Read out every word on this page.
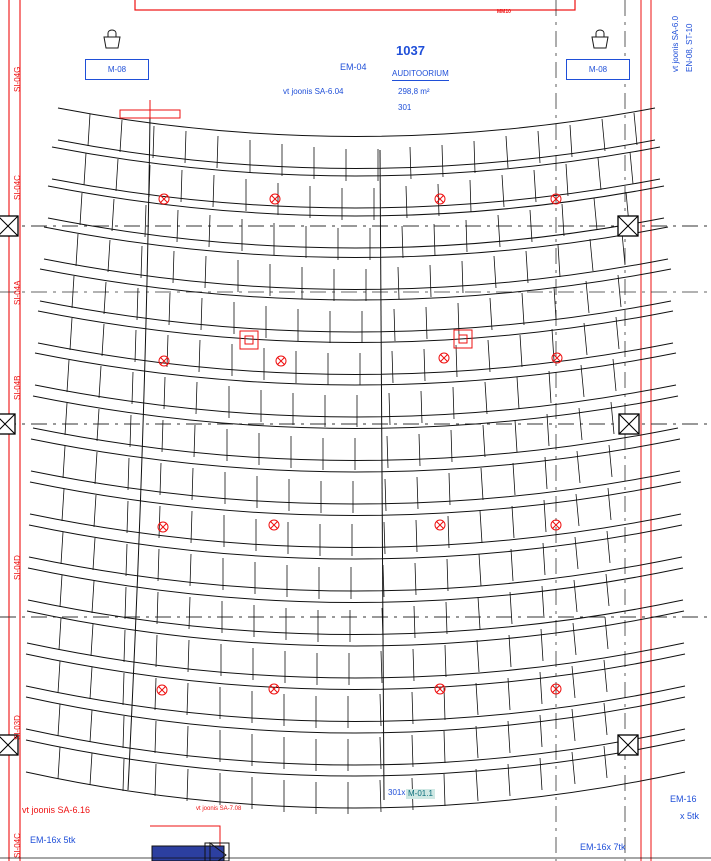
MM10
M-08	M-08
EM-04
1037
AUDITOORIUM
298,8 m²
vt joonis SA-6.04
301
SI-04G
SI-04C
SI-04A
SI-04B
SI-04D
SI-03D
SI-04C
vt joonis SA-6.0 EN-08, ST-10
301x M-01.1
vt joonis SA-6.16	vt joonis SA-7.08
EM-16x 5tk
EM-16x 7tk
EM-16
x 5tk
